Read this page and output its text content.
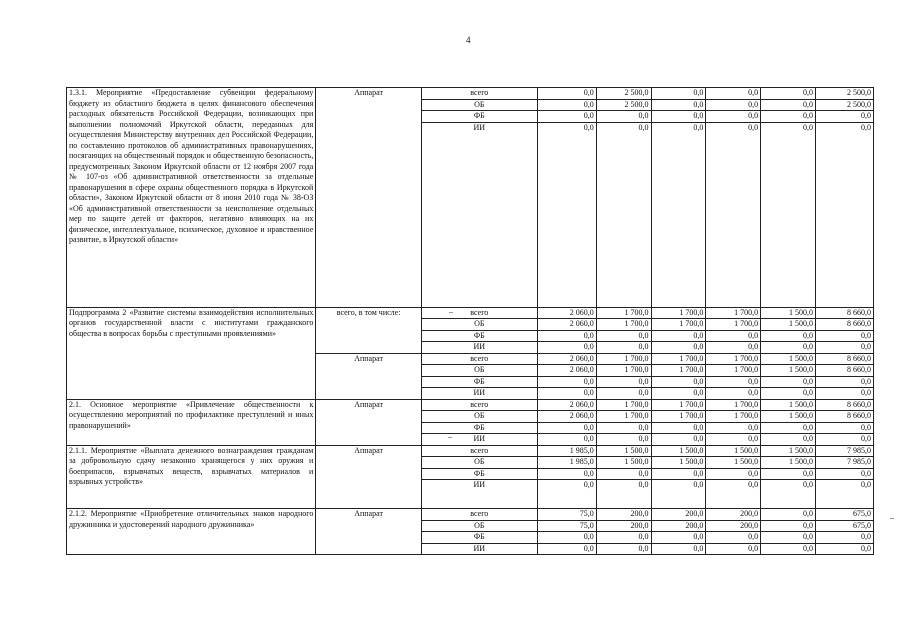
4
1.3.1. Мероприятие «Предоставление субвенции федеральному бюджету из областного бюджета в целях финансового обеспечения расходных обязательств Российской Федерации, возникающих при выполнении полномочий Иркутской области, переданных для осуществления Министерству внутренних дел Российской Федерации, по составлению протоколов об административных правонарушениях, посягающих на общественный порядок и общественную безопасность, предусмотренных Законом Иркутской области от 12 ноября 2007 года № 107-оз «Об административной ответственности за отдельные правонарушения в сфере охраны общественного порядка в Иркутской области», Законом Иркутской области от 8 июня 2010 года № 38-ОЗ «Об административной ответственности за неисполнение отдельных мер по защите детей от факторов, негативно влияющих на их физическое, интеллектуальное, психическое, духовное и нравственное развитие, в Иркутской области»	Аппарат	всего	0,0	2 500,0	0,0	0,0	0,0	2 500,0
		ОБ	0,0	2 500,0	0,0	0,0	0,0	2 500,0
		ФБ	0,0	0,0	0,0	0,0	0,0	0,0
		ИИ	0,0	0,0	0,0	0,0	0,0	0,0
Подпрограмма 2 «Развитие системы взаимодействия исполнительных органов государственной власти с институтами гражданского общества в вопросах борьбы с преступными проявлениями»	всего, в том числе:	всего	2 060,0	1 700,0	1 700,0	1 700,0	1 500,0	8 660,0
		ОБ	2 060,0	1 700,0	1 700,0	1 700,0	1 500,0	8 660,0
		ФБ	0,0	0,0	0,0	0,0	0,0	0,0
		ИИ	0,0	0,0	0,0	0,0	0,0	0,0
	Аппарат	всего	2 060,0	1 700,0	1 700,0	1 700,0	1 500,0	8 660,0
		ОБ	2 060,0	1 700,0	1 700,0	1 700,0	1 500,0	8 660,0
		ФБ	0,0	0,0	0,0	0,0	0,0	0,0
		ИИ	0,0	0,0	0,0	0,0	0,0	0,0
2.1. Основное мероприятие «Привлечение общественности к осуществлению мероприятий по профилактике преступлений и иных правонарушений»	Аппарат	всего	2 060,0	1 700,0	1 700,0	1 700,0	1 500,0	8 660,0
		ОБ	2 060,0	1 700,0	1 700,0	1 700,0	1 500,0	8 660,0
		ФБ	0,0	0,0	0,0	0,0	0,0	0,0
		ИИ	0,0	0,0	0,0	0,0	0,0	0,0
2.1.1. Мероприятие «Выплата денежного вознаграждения гражданам за добровольную сдачу незаконно хранящегося у них оружия и боеприпасов, взрывчатых веществ, взрывчатых материалов и взрывных устройств»	Аппарат	всего	1 985,0	1 500,0	1 500,0	1 500,0	1 500,0	7 985,0
		ОБ	1 985,0	1 500,0	1 500,0	1 500,0	1 500,0	7 985,0
		ФБ	0,0	0,0	0,0	0,0	0,0	0,0
		ИИ	0,0	0,0	0,0	0,0	0,0	0,0
2.1.2. Мероприятие «Приобретение отличительных знаков народного дружинника и удостоверений народного дружинника»	Аппарат	всего	75,0	200,0	200,0	200,0	0,0	675,0
		ОБ	75,0	200,0	200,0	200,0	0,0	675,0
		ФБ	0,0	0,0	0,0	0,0	0,0	0,0
		ИИ	0,0	0,0	0,0	0,0	0,0	0,0
